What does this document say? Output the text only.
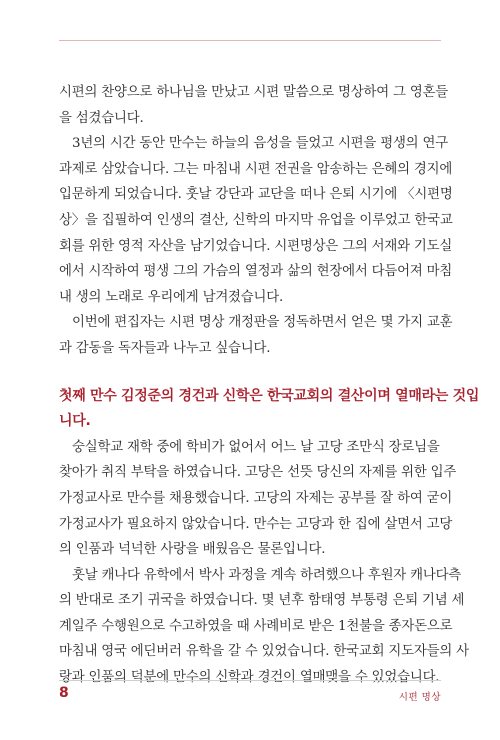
시편의 찬양으로 하나님을 만났고 시편 말씀으로 명상하여 그 영혼들
을 섬겼습니다.

3년의 시간 동안 만수는 하늘의 음성을 들었고 시편을 평생의 연구
과제로 삼았습니다. 그는 마침내 시편 전권을 암송하는 은혜의 경지에
입문하게 되었습니다. 훗날 강단과 교단을 떠나 은퇴 시기에 〈시편명
상〉을 집필하여 인생의 결산, 신학의 마지막 유업을 이루었고 한국교
회를 위한 영적 자산을 남기었습니다. 시편명상은 그의 서재와 기도실
에서 시작하여 평생 그의 가슴의 열정과 삶의 현장에서 다듬어져 마침
내 생의 노래로 우리에게 남겨졌습니다.

이번에 편집자는 시편 명상 개정판을 정독하면서 얻은 몇 가지 교훈
과 감동을 독자들과 나누고 싶습니다.

첫째 만수 김정준의 경건과 신학은 한국교회의 결산이며 열매라는 것입
니다.

숭실학교 재학 중에 학비가 없어서 어느 날 고당 조만식 장로님을
찾아가 취직 부탁을 하였습니다. 고당은 선뜻 당신의 자제를 위한 입주
가정교사로 만수를 채용했습니다. 고당의 자제는 공부를 잘 하여 굳이
가정교사가 필요하지 않았습니다. 만수는 고당과 한 집에 살면서 고당
의 인품과 넉넉한 사랑을 배웠음은 물론입니다.

훗날 캐나다 유학에서 박사 과정을 계속 하려했으나 후원자 캐나다측
의 반대로 조기 귀국을 하였습니다. 몇 년후 함태영 부통령 은퇴 기념 세
계일주 수행원으로 수고하였을 때 사례비로 받은 1천불을 종자돈으로
마침내 영국 에딘버러 유학을 갈 수 있었습니다. 한국교회 지도자들의 사
랑과 인품의 덕분에 만수의 신학과 경건이 열매맺을 수 있었습니다.

8	시편 명상
